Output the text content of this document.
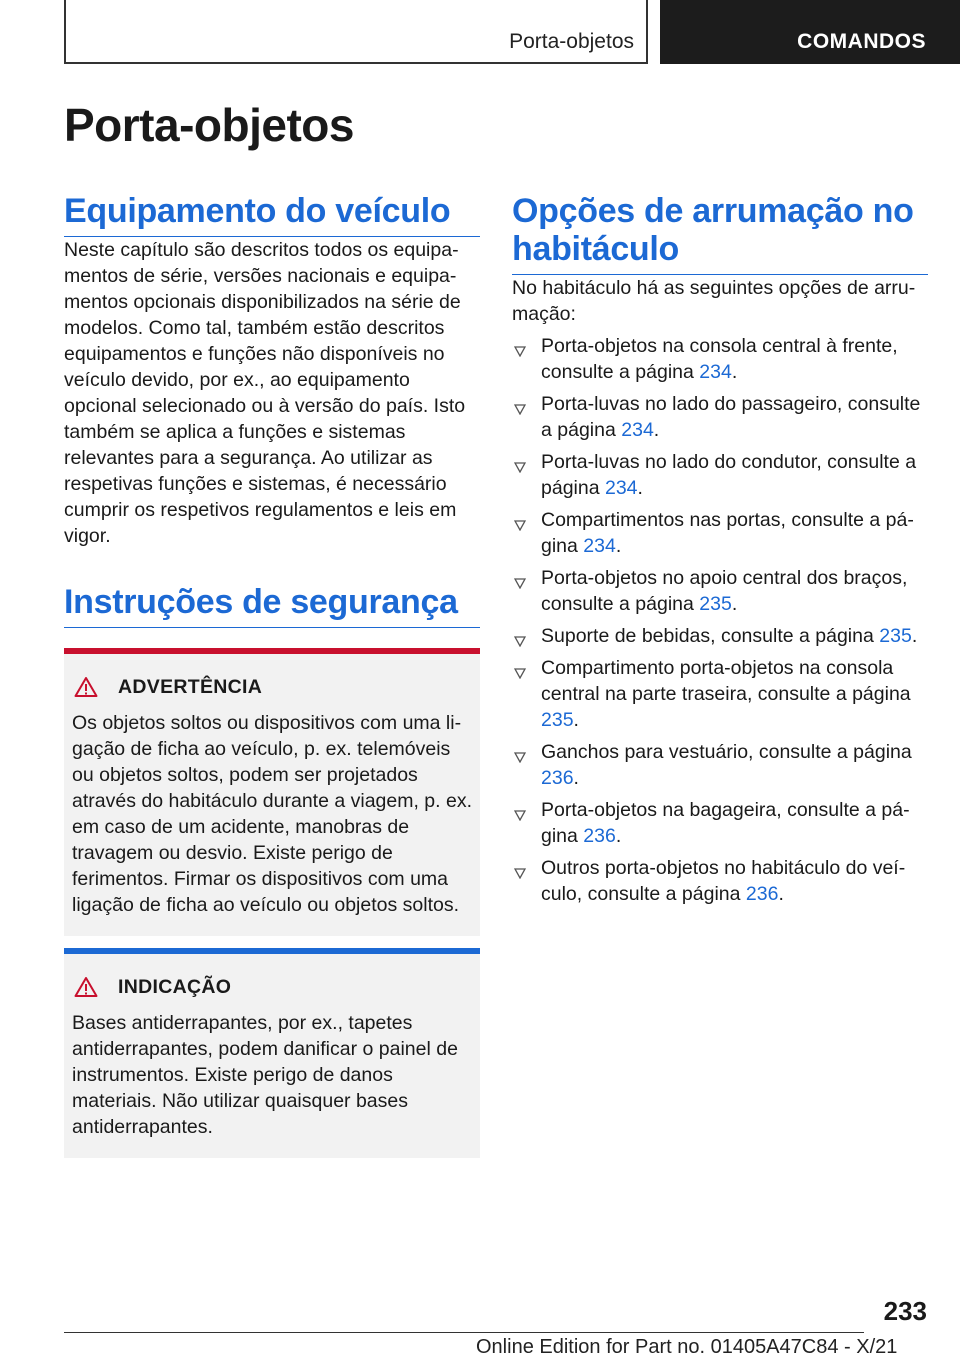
Porta-objetos	COMANDOS
Porta-objetos
Equipamento do veículo

Neste capítulo são descritos todos os equipamentos de série, versões nacionais e equipamentos opcionais disponibilizados na série de modelos. Como tal, também estão descritos equipamentos e funções não disponíveis no veículo devido, por ex., ao equipamento opcional selecionado ou à versão do país. Isto também se aplica a funções e sistemas relevantes para a segurança. Ao utilizar as respetivas funções e sistemas, é necessário cumprir os respetivos regulamentos e leis em vigor.

Instruções de segurança
ADVERTÊNCIA

Os objetos soltos ou dispositivos com uma ligação de ficha ao veículo, p. ex. telemóveis ou objetos soltos, podem ser projetados através do habitáculo durante a viagem, p. ex. em caso de um acidente, manobras de travagem ou desvio. Existe perigo de ferimentos. Firmar os dispositivos com uma ligação de ficha ao veículo ou objetos soltos.

INDICAÇÃO

Bases antiderrapantes, por ex., tapetes antiderrapantes, podem danificar o painel de instrumentos. Existe perigo de danos materiais. Não utilizar quaisquer bases antiderrapantes.

Opções de arrumação no habitáculo

No habitáculo há as seguintes opções de arrumação:

Porta-objetos na consola central à frente, consulte a página 234.
Porta-luvas no lado do passageiro, consulte a página 234.
Porta-luvas no lado do condutor, consulte a página 234.
Compartimentos nas portas, consulte a página 234.
Porta-objetos no apoio central dos braços, consulte a página 235.
Suporte de bebidas, consulte a página 235.
Compartimento porta-objetos na consola central na parte traseira, consulte a página 235.
Ganchos para vestuário, consulte a página 236.
Porta-objetos na bagageira, consulte a página 236.
Outros porta-objetos no habitáculo do veículo, consulte a página 236.
233
Online Edition for Part no. 01405A47C84 - X/21
